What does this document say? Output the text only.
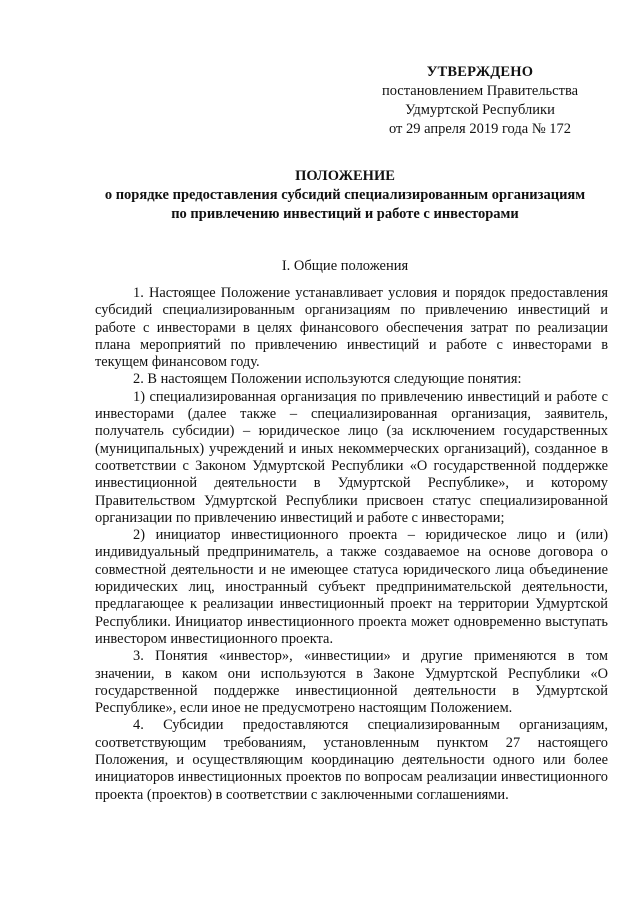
УТВЕРЖДЕНО
постановлением Правительства
Удмуртской Республики
от 29 апреля 2019 года № 172
ПОЛОЖЕНИЕ
о порядке предоставления субсидий специализированным организациям
по привлечению инвестиций и работе с инвесторами
I. Общие положения

1. Настоящее Положение устанавливает условия и порядок предоставления субсидий специализированным организациям по привлечению инвестиций и работе с инвесторами в целях финансового обеспечения затрат по реализации плана мероприятий по привлечению инвестиций и работе с инвесторами в текущем финансовом году.

2. В настоящем Положении используются следующие понятия:

1) специализированная организация по привлечению инвестиций и работе с инвесторами (далее также – специализированная организация, заявитель, получатель субсидии) – юридическое лицо (за исключением государственных (муниципальных) учреждений и иных некоммерческих организаций), созданное в соответствии с Законом Удмуртской Республики «О государственной поддержке инвестиционной деятельности в Удмуртской Республике», и которому Правительством Удмуртской Республики присвоен статус специализированной организации по привлечению инвестиций и работе с инвесторами;

2) инициатор инвестиционного проекта – юридическое лицо и (или) индивидуальный предприниматель, а также создаваемое на основе договора о совместной деятельности и не имеющее статуса юридического лица объединение юридических лиц, иностранный субъект предпринимательской деятельности, предлагающее к реализации инвестиционный проект на территории Удмуртской Республики. Инициатор инвестиционного проекта может одновременно выступать инвестором инвестиционного проекта.

3. Понятия «инвестор», «инвестиции» и другие применяются в том значении, в каком они используются в Законе Удмуртской Республики «О государственной поддержке инвестиционной деятельности в Удмуртской Республике», если иное не предусмотрено настоящим Положением.

4. Субсидии предоставляются специализированным организациям, соответствующим требованиям, установленным пунктом 27 настоящего Положения, и осуществляющим координацию деятельности одного или более инициаторов инвестиционных проектов по вопросам реализации инвестиционного проекта (проектов) в соответствии с заключенными соглашениями.
